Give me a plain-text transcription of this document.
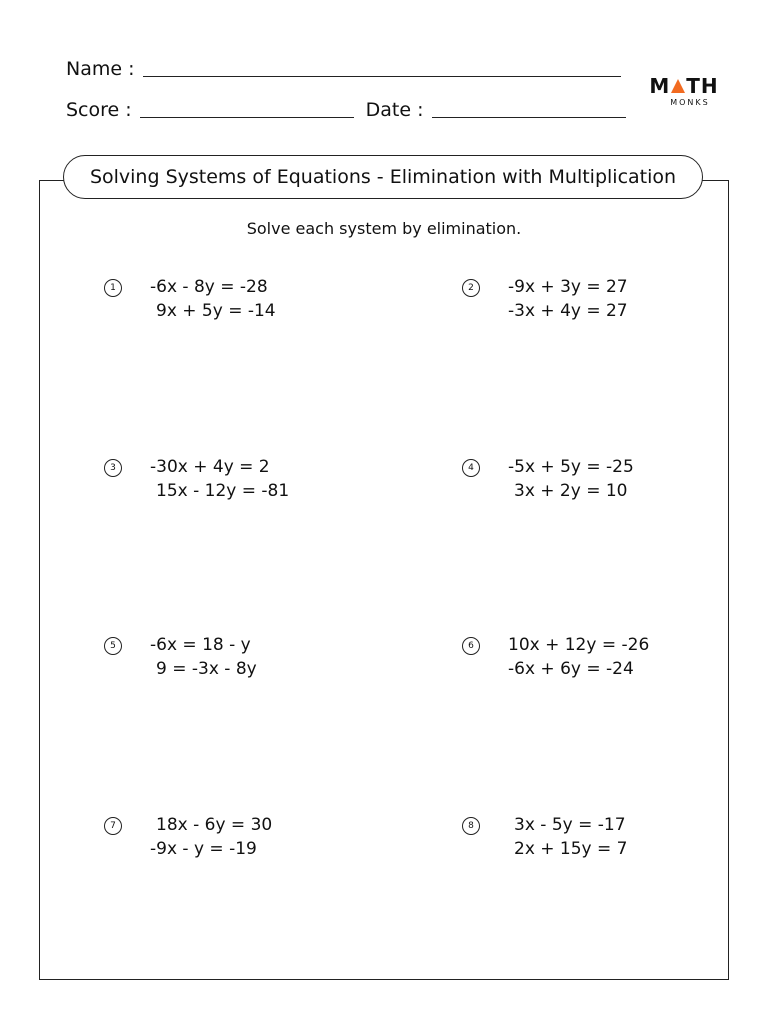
Name :
Score :	Date :
M TH
MONKS
Solving Systems of Equations - Elimination with Multiplication
Solve each system by elimination.
1	-6x - 8y = -28
9x + 5y = -14
2	-9x + 3y = 27
-3x + 4y = 27
3	-30x + 4y = 2
15x - 12y = -81
4	-5x + 5y = -25
3x + 2y = 10
5	-6x = 18 - y
9 = -3x - 8y
6	10x + 12y = -26
-6x + 6y = -24
7	18x - 6y = 30
-9x - y = -19
8	3x - 5y = -17
2x + 15y = 7
